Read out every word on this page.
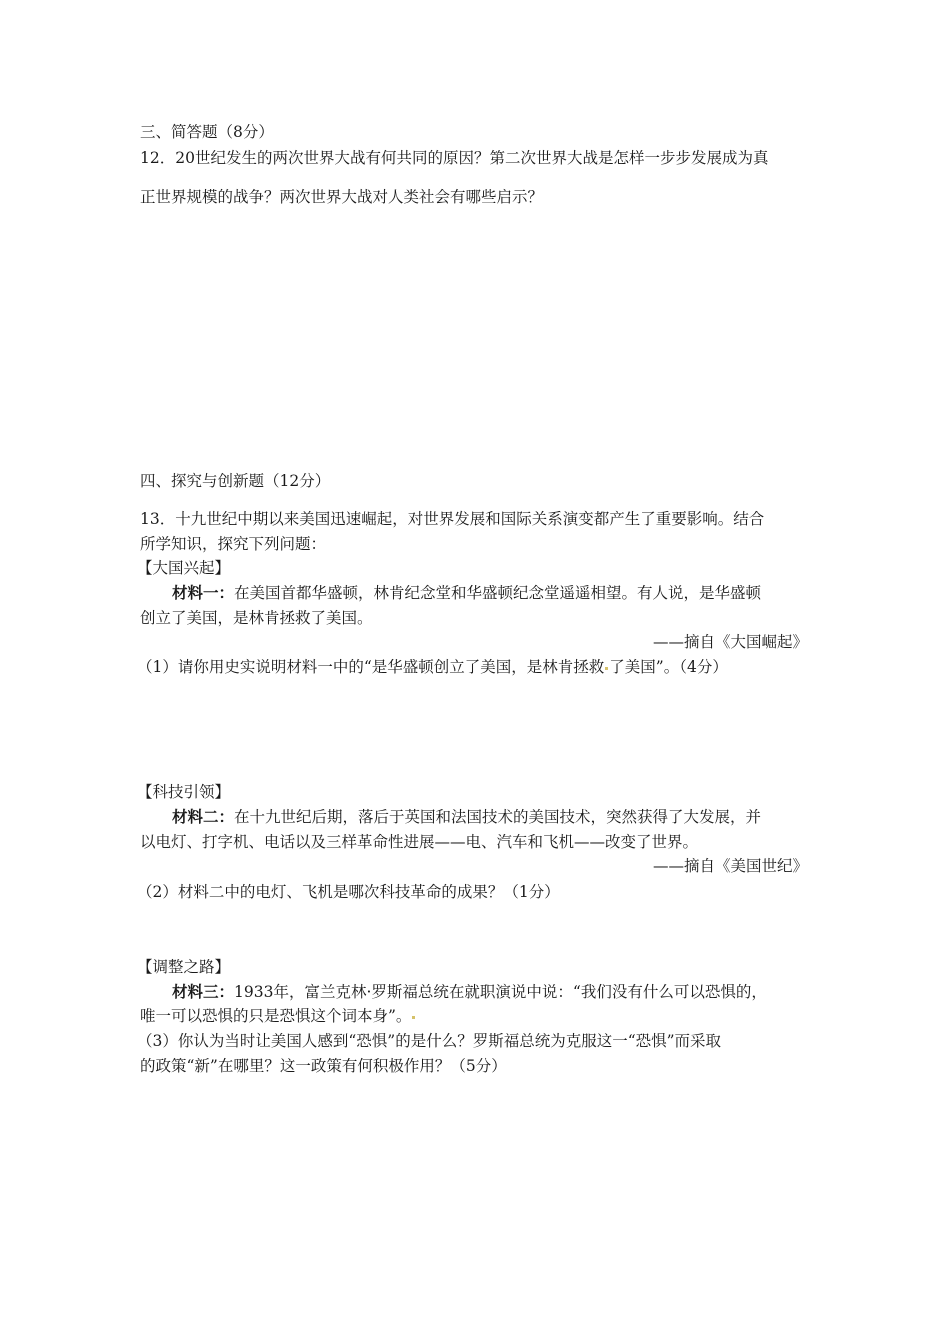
三、简答题（8分）
12．20世纪发生的两次世界大战有何共同的原因？第二次世界大战是怎样一步步发展成为真
正世界规模的战争？两次世界大战对人类社会有哪些启示？
四、探究与创新题（12分）
13．十九世纪中期以来美国迅速崛起，对世界发展和国际关系演变都产生了重要影响。结合
所学知识，探究下列问题：
【大国兴起】
材料一：在美国首都华盛顿，林肯纪念堂和华盛顿纪念堂遥遥相望。有人说，是华盛顿
创立了美国，是林肯拯救了美国。
——摘自《大国崛起》
（1）请你用史实说明材料一中的“是华盛顿创立了美国，是林肯拯救 了美国”。（4分）
【科技引领】
材料二：在十九世纪后期，落后于英国和法国技术的美国技术，突然获得了大发展，并
以电灯、打字机、电话以及三样革命性进展——电、汽车和飞机——改变了世界。
——摘自《美国世纪》
（2）材料二中的电灯、飞机是哪次科技革命的成果？（1分）
【调整之路】
材料三：1933年，富兰克林·罗斯福总统在就职演说中说：“我们没有什么可以恐惧的，
唯一可以恐惧的只是恐惧这个词本身”。
（3）你认为当时让美国人感到“恐惧”的是什么？罗斯福总统为克服这一“恐惧”而采取
的政策“新”在哪里？这一政策有何积极作用？（5分）
